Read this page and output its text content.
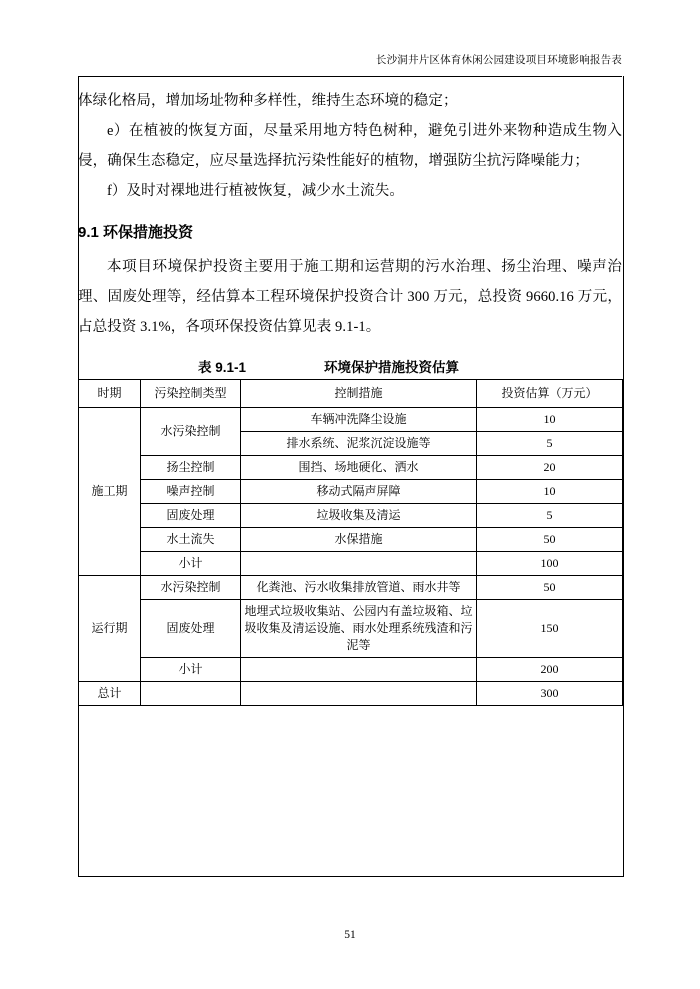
长沙洞井片区体育休闲公园建设项目环境影响报告表

体绿化格局，增加场址物种多样性，维持生态环境的稳定；

e）在植被的恢复方面，尽量采用地方特色树种，避免引进外来物种造成生物入侵，确保生态稳定，应尽量选择抗污染性能好的植物，增强防尘抗污降噪能力；

f）及时对裸地进行植被恢复，减少水土流失。

9.1 环保措施投资

本项目环境保护投资主要用于施工期和运营期的污水治理、扬尘治理、噪声治理、固废处理等，经估算本工程环境保护投资合计 300 万元，总投资 9660.16 万元，占总投资 3.1%，各项环保投资估算见表 9.1-1。

表 9.1-1	环境保护措施投资估算
时期	污染控制类型	控制措施	投资估算（万元）
施工期	水污染控制	车辆冲洗降尘设施	10
		排水系统、泥浆沉淀设施等	5
	扬尘控制	围挡、场地硬化、洒水	20
	噪声控制	移动式隔声屏障	10
	固废处理	垃圾收集及清运	5
	水土流失	水保措施	50
	小计		100
运行期	水污染控制	化粪池、污水收集排放管道、雨水井等	50
	固废处理	地埋式垃圾收集站、公园内有盖垃圾箱、垃圾收集及清运设施、雨水处理系统残渣和污泥等	150
	小计		200
总计			300
51
